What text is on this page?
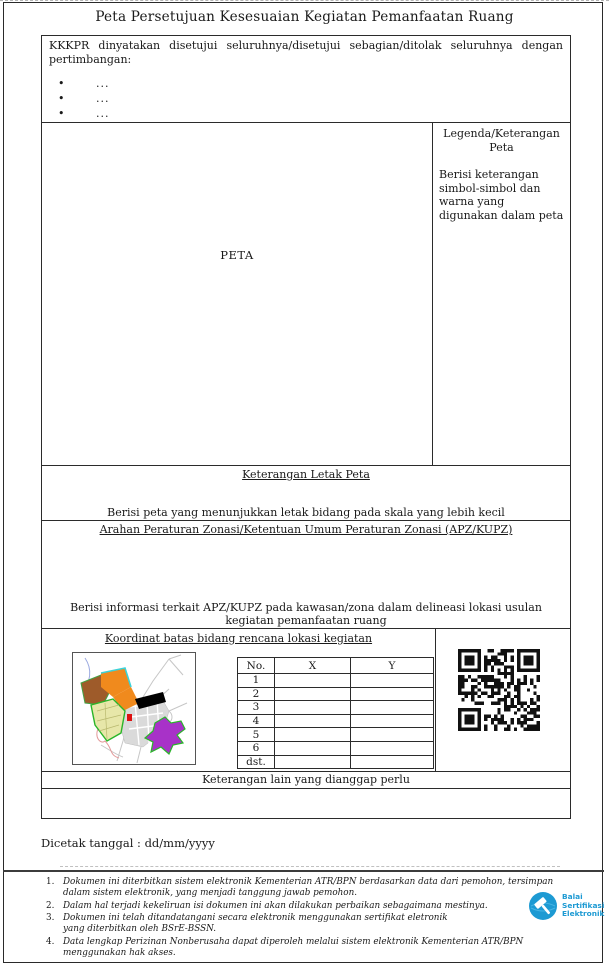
Peta Persetujuan Kesesuaian Kegiatan Pemanfaatan Ruang

KKKPR dinyatakan disetujui seluruhnya/disetujui sebagian/ditolak seluruhnya dengan pertimbangan:

•	...
•	...
•	...
PETA
Legenda/Keterangan Peta
Berisi keterangan simbol-simbol dan warna yang digunakan dalam peta
Keterangan Letak Peta
Berisi peta yang menunjukkan letak bidang pada skala yang lebih kecil
Arahan Peraturan Zonasi/Ketentuan Umum Peraturan Zonasi (APZ/KUPZ)
Berisi informasi terkait APZ/KUPZ pada kawasan/zona dalam delineasi lokasi usulan kegiatan pemanfaatan ruang
Koordinat batas bidang rencana lokasi kegiatan
No.	X	Y
1		
2		
3		
4		
5		
6		
dst.		
Keterangan lain yang dianggap perlu
Dicetak tanggal : dd/mm/yyyy
1. Dokumen ini diterbitkan sistem elektronik Kementerian ATR/BPN berdasarkan data dari pemohon, tersimpan dalam sistem elektronik, yang menjadi tanggung jawab pemohon.
2. Dalam hal terjadi kekeliruan isi dokumen ini akan dilakukan perbaikan sebagaimana mestinya.
3. Dokumen ini telah ditandatangani secara elektronik menggunakan sertifikat eletronik yang diterbitkan oleh BSrE-BSSN.
4. Data lengkap Perizinan Nonberusaha dapat diperoleh melalui sistem elektronik Kementerian ATR/BPN menggunakan hak akses.
Balai
Sertifikasi
Elektronik
